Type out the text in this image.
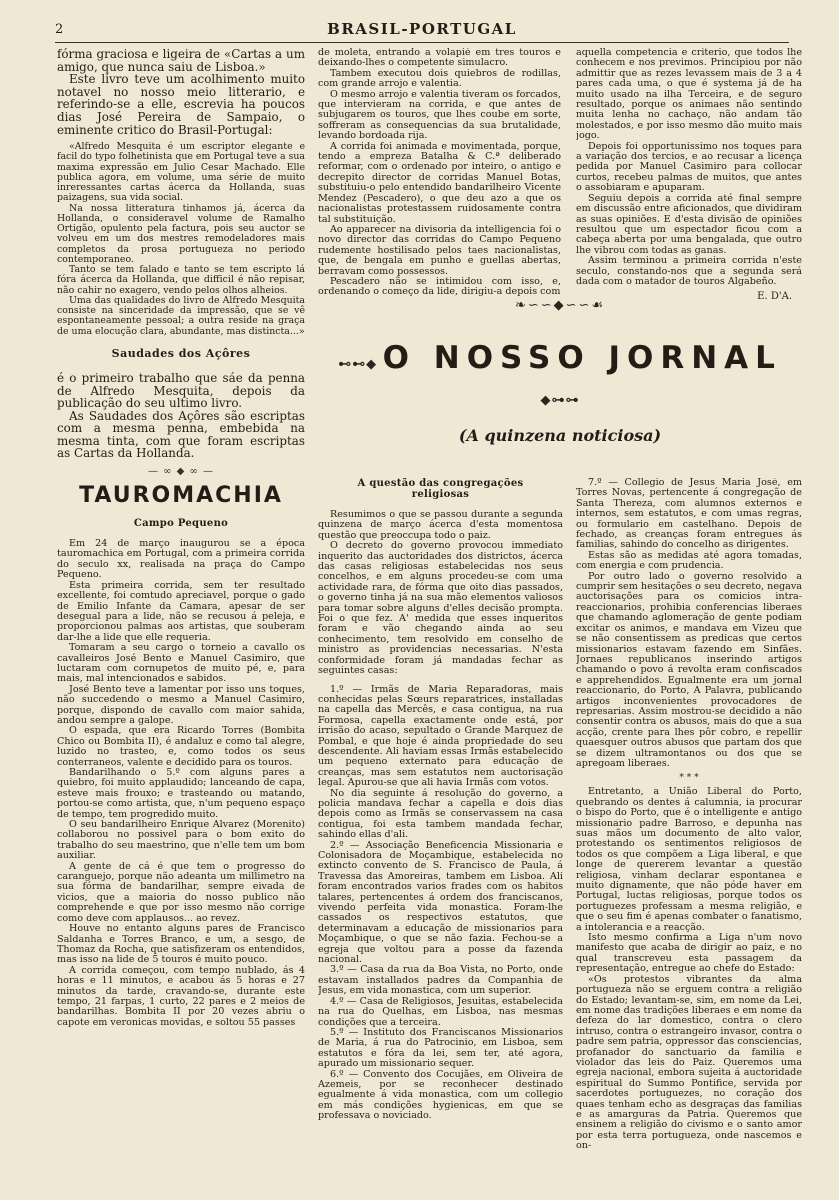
2	BRASIL-PORTUGAL

fórma graciosa e ligeira de «Cartas a um amigo, que nunca saiu de Lisboa.»

Este livro teve um acolhimento muito notavel no nosso meio litterario, e referindo-se a elle, escrevia ha poucos dias José Pereira de Sampaio, o eminente critico do Brasil-Portugal:

«Alfredo Mesquita é um escriptor elegante e facil do typo folhetinista que em Portugal teve a sua maxima expressão em Julio Cesar Machado. Elle publica agora, em volume, uma série de muito inreressantes cartas ácerca da Hollanda, suas paizagens, sua vida social.

Na nossa litteratura tinhamos já, ácerca da Hollanda, o consideravel volume de Ramalho Ortigão, opulento pela factura, pois seu auctor se volveu em um dos mestres remodeladores mais completos da prosa portugueza no periodo contemporaneo.

Tanto se tem falado e tanto se tem escripto lá fóra ácerca da Hollanda, que difficil é não repisar, não cahir no exagero, vendo pelos olhos alheios.

Uma das qualidades do livro de Alfredo Mesquita consiste na sinceridade da impressão, que se vê espontaneamente pessoal; a outra reside na graça de uma elocução clara, abundante, mas distincta...»

Saudades dos Açôres

é o primeiro trabalho que sáe da penna de Alfredo Mesquita, depois da publicação do seu ultimo livro.

As Saudades dos Açôres são escriptas com a mesma penna, embebida na mesma tinta, com que foram escriptas as Cartas da Hollanda.

— ∞ ◆ ∞ —
TAUROMACHIA
Campo Pequeno

Em 24 de março inaugurou se a época tauromachica em Portugal, com a primeira corrida do seculo xx, realisada na praça do Campo Pequeno.

Esta primeira corrida, sem ter resultado excellente, foi comtudo apreciavel, porque o gado de Emilio Infante da Camara, apesar de ser desegual para a lide, não se recusou á peleja, e proporcionou palmas aos artistas, que souberam dar-lhe a lide que elle requeria.

Tomaram a seu cargo o torneio a cavallo os cavalleiros José Bento e Manuel Casimiro, que luctaram com cornupetos de muito pé, e, para mais, mal intencionados e sabidos.

José Bento teve a lamentar por isso uns toques, não succedendo o mesmo a Manuel Casimiro, porque, dispondo de cavallo com maior sahida, andou sempre a galope.

O espada, que era Ricardo Torres (Bombita Chico ou Bombita II), é andaluz e como tal alegre, luzido no trasteo, e, como todos os seus conterraneos, valente e decidido para os touros.

Bandarilhando o 5.º com alguns pares a quiebro, foi muito applaudido; lanceando de capa, esteve mais frouxo; e trasteando ou matando, portou-se como artista, que, n'um pequeno espaço de tempo, tem progredido muito.

O seu bandarilheiro Enrique Alvarez (Morenito) collaborou no possivel para o bom exito do trabalho do seu maestrino, que n'elle tem um bom auxiliar.

A gente de cá é que tem o progresso do caranguejo, porque não adeanta um millimetro na sua fórma de bandarilhar, sempre eivada de vicios, que a maioria do nosso publico não comprehende e que por isso mesmo não corrige como deve com applausos... ao revez.

Houve no entanto alguns pares de Francisco Saldanha e Torres Branco, e um, a sesgo, de Thomaz da Rocha, que satisfizeram os entendidos, mas isso na lide de 5 touros é muito pouco.

A corrida começou, com tempo nublado, ás 4 horas e 11 minutos, e acabou ás 5 horas e 27 minutos da tarde, cravando-se, durante este tempo, 21 farpas, 1 curto, 22 pares e 2 meios de bandarilhas. Bombita II por 20 vezes abriu o capote em veronicas movidas, e soltou 55 passes

de moleta, entrando a volapié em tres touros e deixando-lhes o competente simulacro.

Tambem executou dois quiebros de rodillas, com grande arrojo e valentia.

O mesmo arrojo e valentia tiveram os forcados, que intervieram na corrida, e que antes de subjugarem os touros, que lhes coube em sorte, soffreram as consequencias da sua brutalidade, levando bordoada rija.

A corrida foi animada e movimentada, porque, tendo a empreza Batalha & C.ª deliberado reformar, com o ordenado por inteiro, o antigo e decrepito director de corridas Manuel Botas, substituiu-o pelo entendido bandarilheiro Vicente Mendez (Pescadero), o que deu azo a que os nacionalistas protestassem ruidosamente contra tal substituição.

Ao apparecer na divisoria da intelligencia foi o novo director das corridas do Campo Pequeno rudemente hostilisado pelos taes nacionalistas, que, de bengala em punho e guellas abertas, berravam como possessos.

Pescadero não se intimidou com isso, e, ordenando o começo da lide, dirigiu-a depois com

aquella competencia e criterio, que todos lhe conhecem e nos previmos. Principiou por não admittir que as rezes levassem mais de 3 a 4 pares cada uma, o que é systema já de ha muito usado na ilha Terceira, e de seguro resultado, porque os animaes não sentindo muita lenha no cachaço, não andam tão molestados, e por isso mesmo dão muito mais jogo.

Depois foi opportunissimo nos toques para a variação dos tercios, e ao recusar a licença pedida por Manuel Casimiro para collocar curtos, recebeu palmas de muitos, que antes o assobiaram e apuparam.

Seguiu depois a corrida até final sempre em discussão entre aficionados, que dividiram as suas opiniões. E d'esta divisão de opiniões resultou que um espectador ficou com a cabeça aberta por uma bengalada, que outro lhe vibrou com todas as ganas.

Assim terminou a primeira corrida n'este seculo, constando-nos que a segunda será dada com o matador de touros Algabeño.

E. D'A.
❧∽∽◆∽∽☙
⊷⊷◆ O NOSSO JORNAL ◆⊶⊶
(A quinzena noticiosa)
A questão das congregações religiosas

Resumimos o que se passou durante a segunda quinzena de março ácerca d'esta momentosa questão que preoccupa todo o paiz.

O decreto do governo provocou immediato inquerito das auctoridades dos districtos, ácerca das casas religiosas estabelecidas nos seus concelhos, e em alguns procedeu-se com uma actividade rara, de fórma que oito dias passados, o governo tinha já na sua mão elementos valiosos para tomar sobre alguns d'elles decisão prompta. Foi o que fez. A' medida que esses inqueritos foram e vão chegando ainda ao seu conhecimento, tem resolvido em conselho de ministro as providencias necessarias. N'esta conformidade foram já mandadas fechar as seguintes casas:

1.º — Irmãs de Maria Reparadoras, mais conhecidas pelas Sœurs reparatrices, installadas na capella das Mercês, e casa contigua, na rua Formosa, capella exactamente onde está, por irrisão do acaso, sepultado o Grande Marquez de Pombal, e que hoje é ainda propriedade do seu descendente. Ali haviam essas Irmãs estabelecido um pequeno externato para educação de creanças, mas sem estatutos nem auctorisação legal. Apurou-se que ali havia Irmãs com votos.

No dia seguinte á resolução do governo, a policia mandava fechar a capella e dois dias depois como as Irmãs se conservassem na casa contigua, foi esta tambem mandada fechar, sahindo ellas d'ali.

2.º — Associação Beneficencia Missionaria e Colonisadora de Moçambique, estabelecida no extincto convento de S. Francisco de Paula, á Travessa das Amoreiras, tambem em Lisboa. Ali foram encontrados varios frades com os habitos talares, pertencentes á ordem dos franciscanos, vivendo perfeita vida monastica. Foram-lhe cassados os respectivos estatutos, que determinavam a educação de missionarios para Moçambique, o que se não fazia. Fechou-se a egreja que voltou para a posse da fazenda nacional.

3.º — Casa da rua da Boa Vista, no Porto, onde estavam installados padres da Companhia de Jesus, em vida monastica, com um superior.

4.º — Casa de Religiosos, Jesuitas, estabelecida na rua do Quelhas, em Lisboa, nas mesmas condições que a terceira.

5.º — Instituto dos Franciscanos Missionarios de Maria, á rua do Patrocinio, em Lisboa, sem estatutos e fóra da lei, sem ter, até agora, apurado um missionario sequer.

6.º — Convento dos Cocujães, em Oliveira de Azemeis, por se reconhecer destinado egualmente á vida monastica, com um collegio em más condições hygienicas, em que se professava o noviciado.

7.º — Collegio de Jesus Maria José, em Torres Novas, pertencente á congregação de Santa Thereza, com alumnos externos e internos, sem estatutos, e com umas regras, ou formulario em castelhano. Depois de fechado, as creanças foram entregues ás familias, sahindo do concelho as dirigentes.

Estas são as medidas até agora tomadas, com energia e com prudencia.

Por outro lado o governo resolvido a cumprir sem hesitações o seu decreto, negava auctorisações para os comicios intra-reaccionarios, prohibia conferencias liberaes que chamando aglomeração de gente podiam excitar os animos, e mandava em Vizeu que se não consentissem as predicas que certos missionarios estavam fazendo em Sinfães. Jornaes republicanos inserindo artigos chamando o povo á revolta eram confiscados e apprehendidos. Egualmente era um jornal reaccionario, do Porto, A Palavra, publicando artigos inconvenientes provocadores de represarias. Assim mostrou-se decidido a não consentir contra os abusos, mais do que a sua acção, crente para lhes pôr cobro, e repellir quaesquer outros abusos que partam dos que se dizem ultramontanos ou dos que se apregoam liberaes.

* * *

Entretanto, a União Liberal do Porto, quebrando os dentes á calumnia, ia procurar o bispo do Porto, que é o intelligente e antigo missionario padre Barroso, e depunha nas suas mãos um documento de alto valor, protestando os sentimentos religiosos de todos os que compõem a Liga liberal, e que longe de quererem levantar a questão religiosa, vinham declarar espontanea e muito dignamente, que não póde haver em Portugal, luctas religiosas, porque todos os portuguezes professam a mesma religião, e que o seu fim é apenas combater o fanatismo, a intolerancia e a reacção.

Isto mesmo confirma a Liga n'um novo manifesto que acaba de dirigir ao paiz, e no qual transcreveu esta passagem da representação, entregue ao chefe do Estado:

«Os protestos vibrantes da alma portugueza não se erguem contra a religião do Estado; levantam-se, sim, em nome da Lei, em nome das tradições liberaes e em nome da defeza do lar domestico, contra o clero intruso, contra o estrangeiro invasor, contra o padre sem patria, oppressor das consciencias, profanador do sanctuario da familia e violador das leis do Paiz. Queremos uma egreja nacional, embora sujeita á auctoridade espiritual do Summo Pontifice, servida por sacerdotes portuguezes, no coração dos quaes tenham echo as desgraças das familias e as amarguras da Patria. Queremos que ensinem a religião do civismo e o santo amor por esta terra portugueza, onde nascemos e on-
